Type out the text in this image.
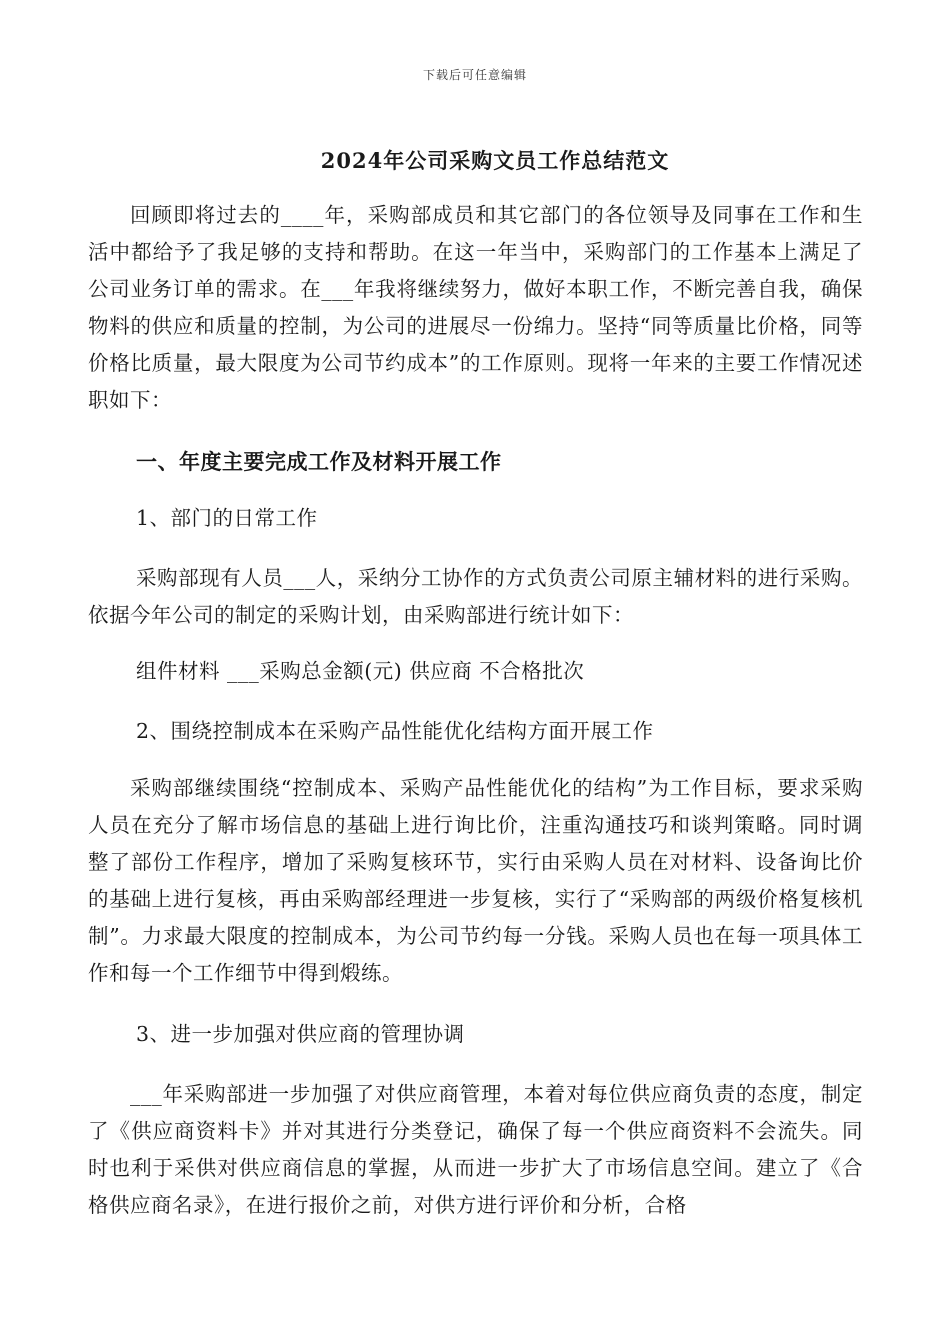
下载后可任意编辑
2024年公司采购文员工作总结范文

回顾即将过去的____年，采购部成员和其它部门的各位领导及同事在工作和生活中都给予了我足够的支持和帮助。在这一年当中，采购部门的工作基本上满足了公司业务订单的需求。在___年我将继续努力，做好本职工作，不断完善自我，确保物料的供应和质量的控制，为公司的进展尽一份绵力。坚持“同等质量比价格，同等价格比质量，最大限度为公司节约成本”的工作原则。现将一年来的主要工作情况述职如下：

一、年度主要完成工作及材料开展工作

1、部门的日常工作

采购部现有人员___人，采纳分工协作的方式负责公司原主辅材料的进行采购。依据今年公司的制定的采购计划，由采购部进行统计如下：

组件材料 ___采购总金额(元) 供应商 不合格批次

2、围绕控制成本在采购产品性能优化结构方面开展工作

采购部继续围绕“控制成本、采购产品性能优化的结构”为工作目标，要求采购人员在充分了解市场信息的基础上进行询比价，注重沟通技巧和谈判策略。同时调整了部份工作程序，增加了采购复核环节，实行由采购人员在对材料、设备询比价的基础上进行复核，再由采购部经理进一步复核，实行了“采购部的两级价格复核机制”。力求最大限度的控制成本，为公司节约每一分钱。采购人员也在每一项具体工作和每一个工作细节中得到煅练。

3、进一步加强对供应商的管理协调

___年采购部进一步加强了对供应商管理，本着对每位供应商负责的态度，制定了《供应商资料卡》并对其进行分类登记，确保了每一个供应商资料不会流失。同时也利于采供对供应商信息的掌握，从而进一步扩大了市场信息空间。建立了《合格供应商名录》，在进行报价之前，对供方进行评价和分析，合格
